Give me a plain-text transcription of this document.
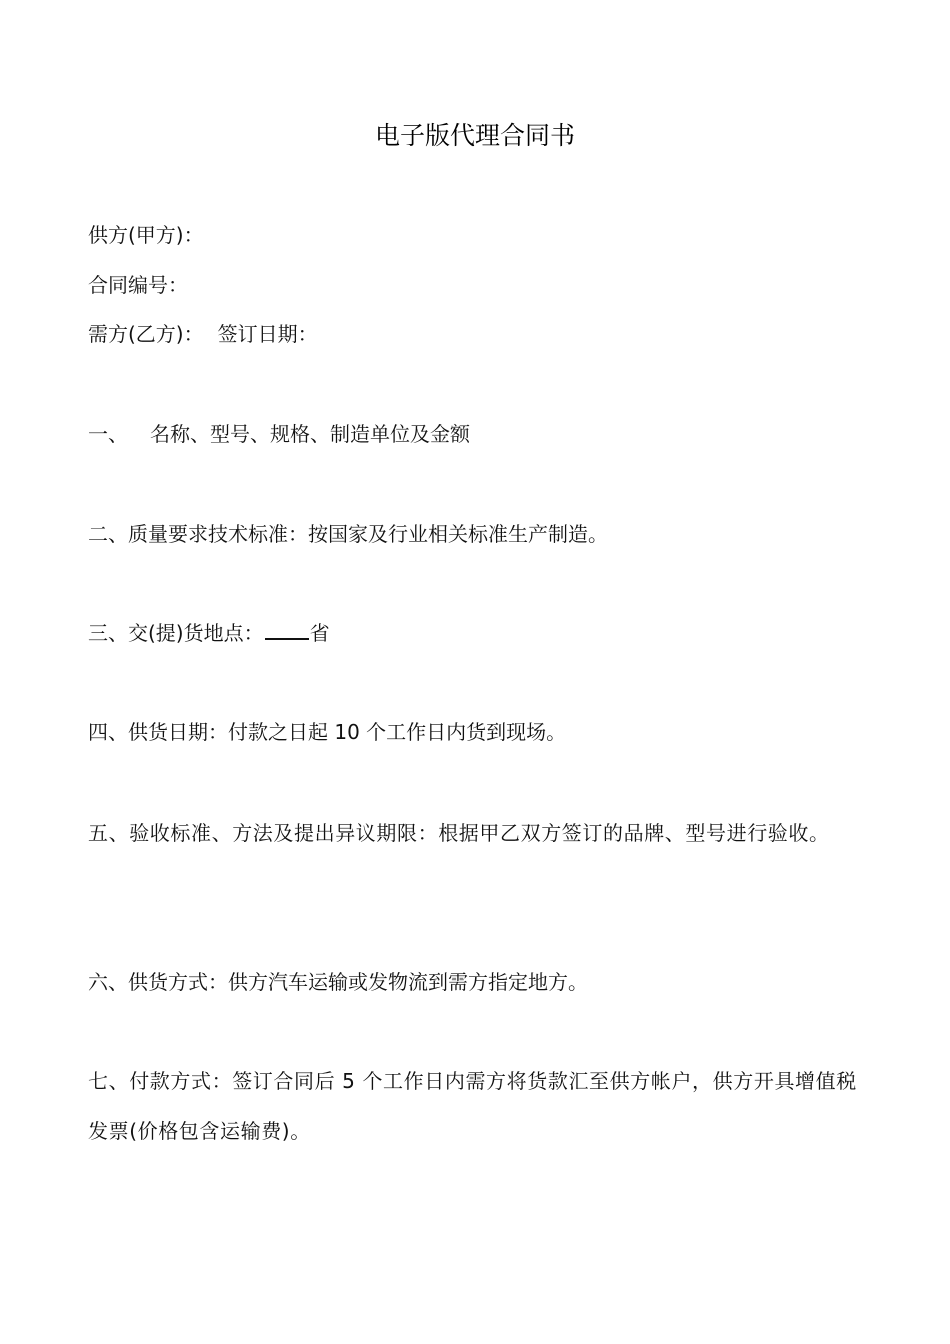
电子版代理合同书
供方(甲方)：
合同编号：
需方(乙方)： 签订日期：
一、 名称、型号、规格、制造单位及金额
二、质量要求技术标准：按国家及行业相关标准生产制造。
三、交(提)货地点： 省
四、供货日期：付款之日起 10 个工作日内货到现场。
五、验收标准、方法及提出异议期限：根据甲乙双方签订的品牌、型号进行验收。
六、供货方式：供方汽车运输或发物流到需方指定地方。
七、付款方式：签订合同后 5 个工作日内需方将货款汇至供方帐户，供方开具增值税发票(价格包含运输费)。
